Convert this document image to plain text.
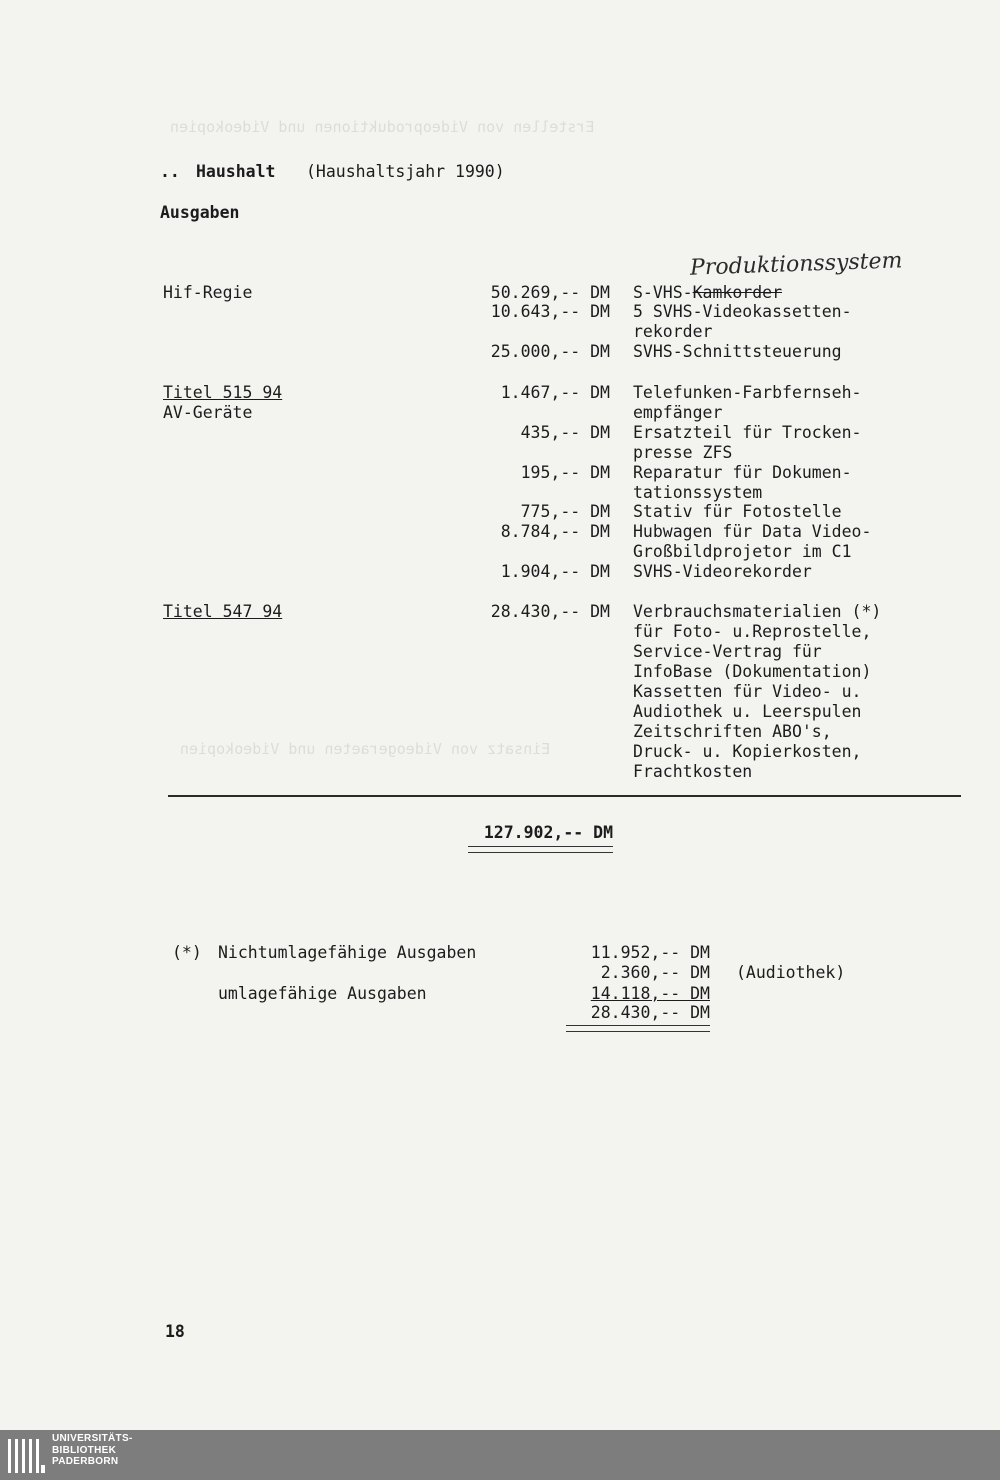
Erstellen von Videoproduktionen und Videokopien
Einsatz von Videogeraeten und Videokopien
.. Haushalt (Haushaltsjahr 1990)
Ausgaben
Produktionssystem
Hif-Regie	50.269,-- DM S-VHS-Kamkorder
10.643,-- DM 5 SVHS-Videokassetten-
rekorder
25.000,-- DM SVHS-Schnittsteuerung
Titel 515 94
AV-Geräte
1.467,-- DM Telefunken-Farbfernseh-
empfänger
435,-- DM Ersatzteil für Trocken-
presse ZFS
195,-- DM Reparatur für Dokumen-
tationssystem
775,-- DM Stativ für Fotostelle
8.784,-- DM Hubwagen für Data Video-
Großbildprojetor im C1
1.904,-- DM SVHS-Videorekorder
Titel 547 94	28.430,-- DM Verbrauchsmaterialien (*)
für Foto- u.Reprostelle,
Service-Vertrag für
InfoBase (Dokumentation)
Kassetten für Video- u.
Audiothek u. Leerspulen
Zeitschriften ABO's,
Druck- u. Kopierkosten,
Frachtkosten
127.902,-- DM
(*) Nichtumlagefähige Ausgaben	11.952,-- DM
2.360,-- DM (Audiothek)
umlagefähige Ausgaben	14.118,-- DM
28.430,-- DM
18
UNIVERSITÄTS-
BIBLIOTHEK
PADERBORN
